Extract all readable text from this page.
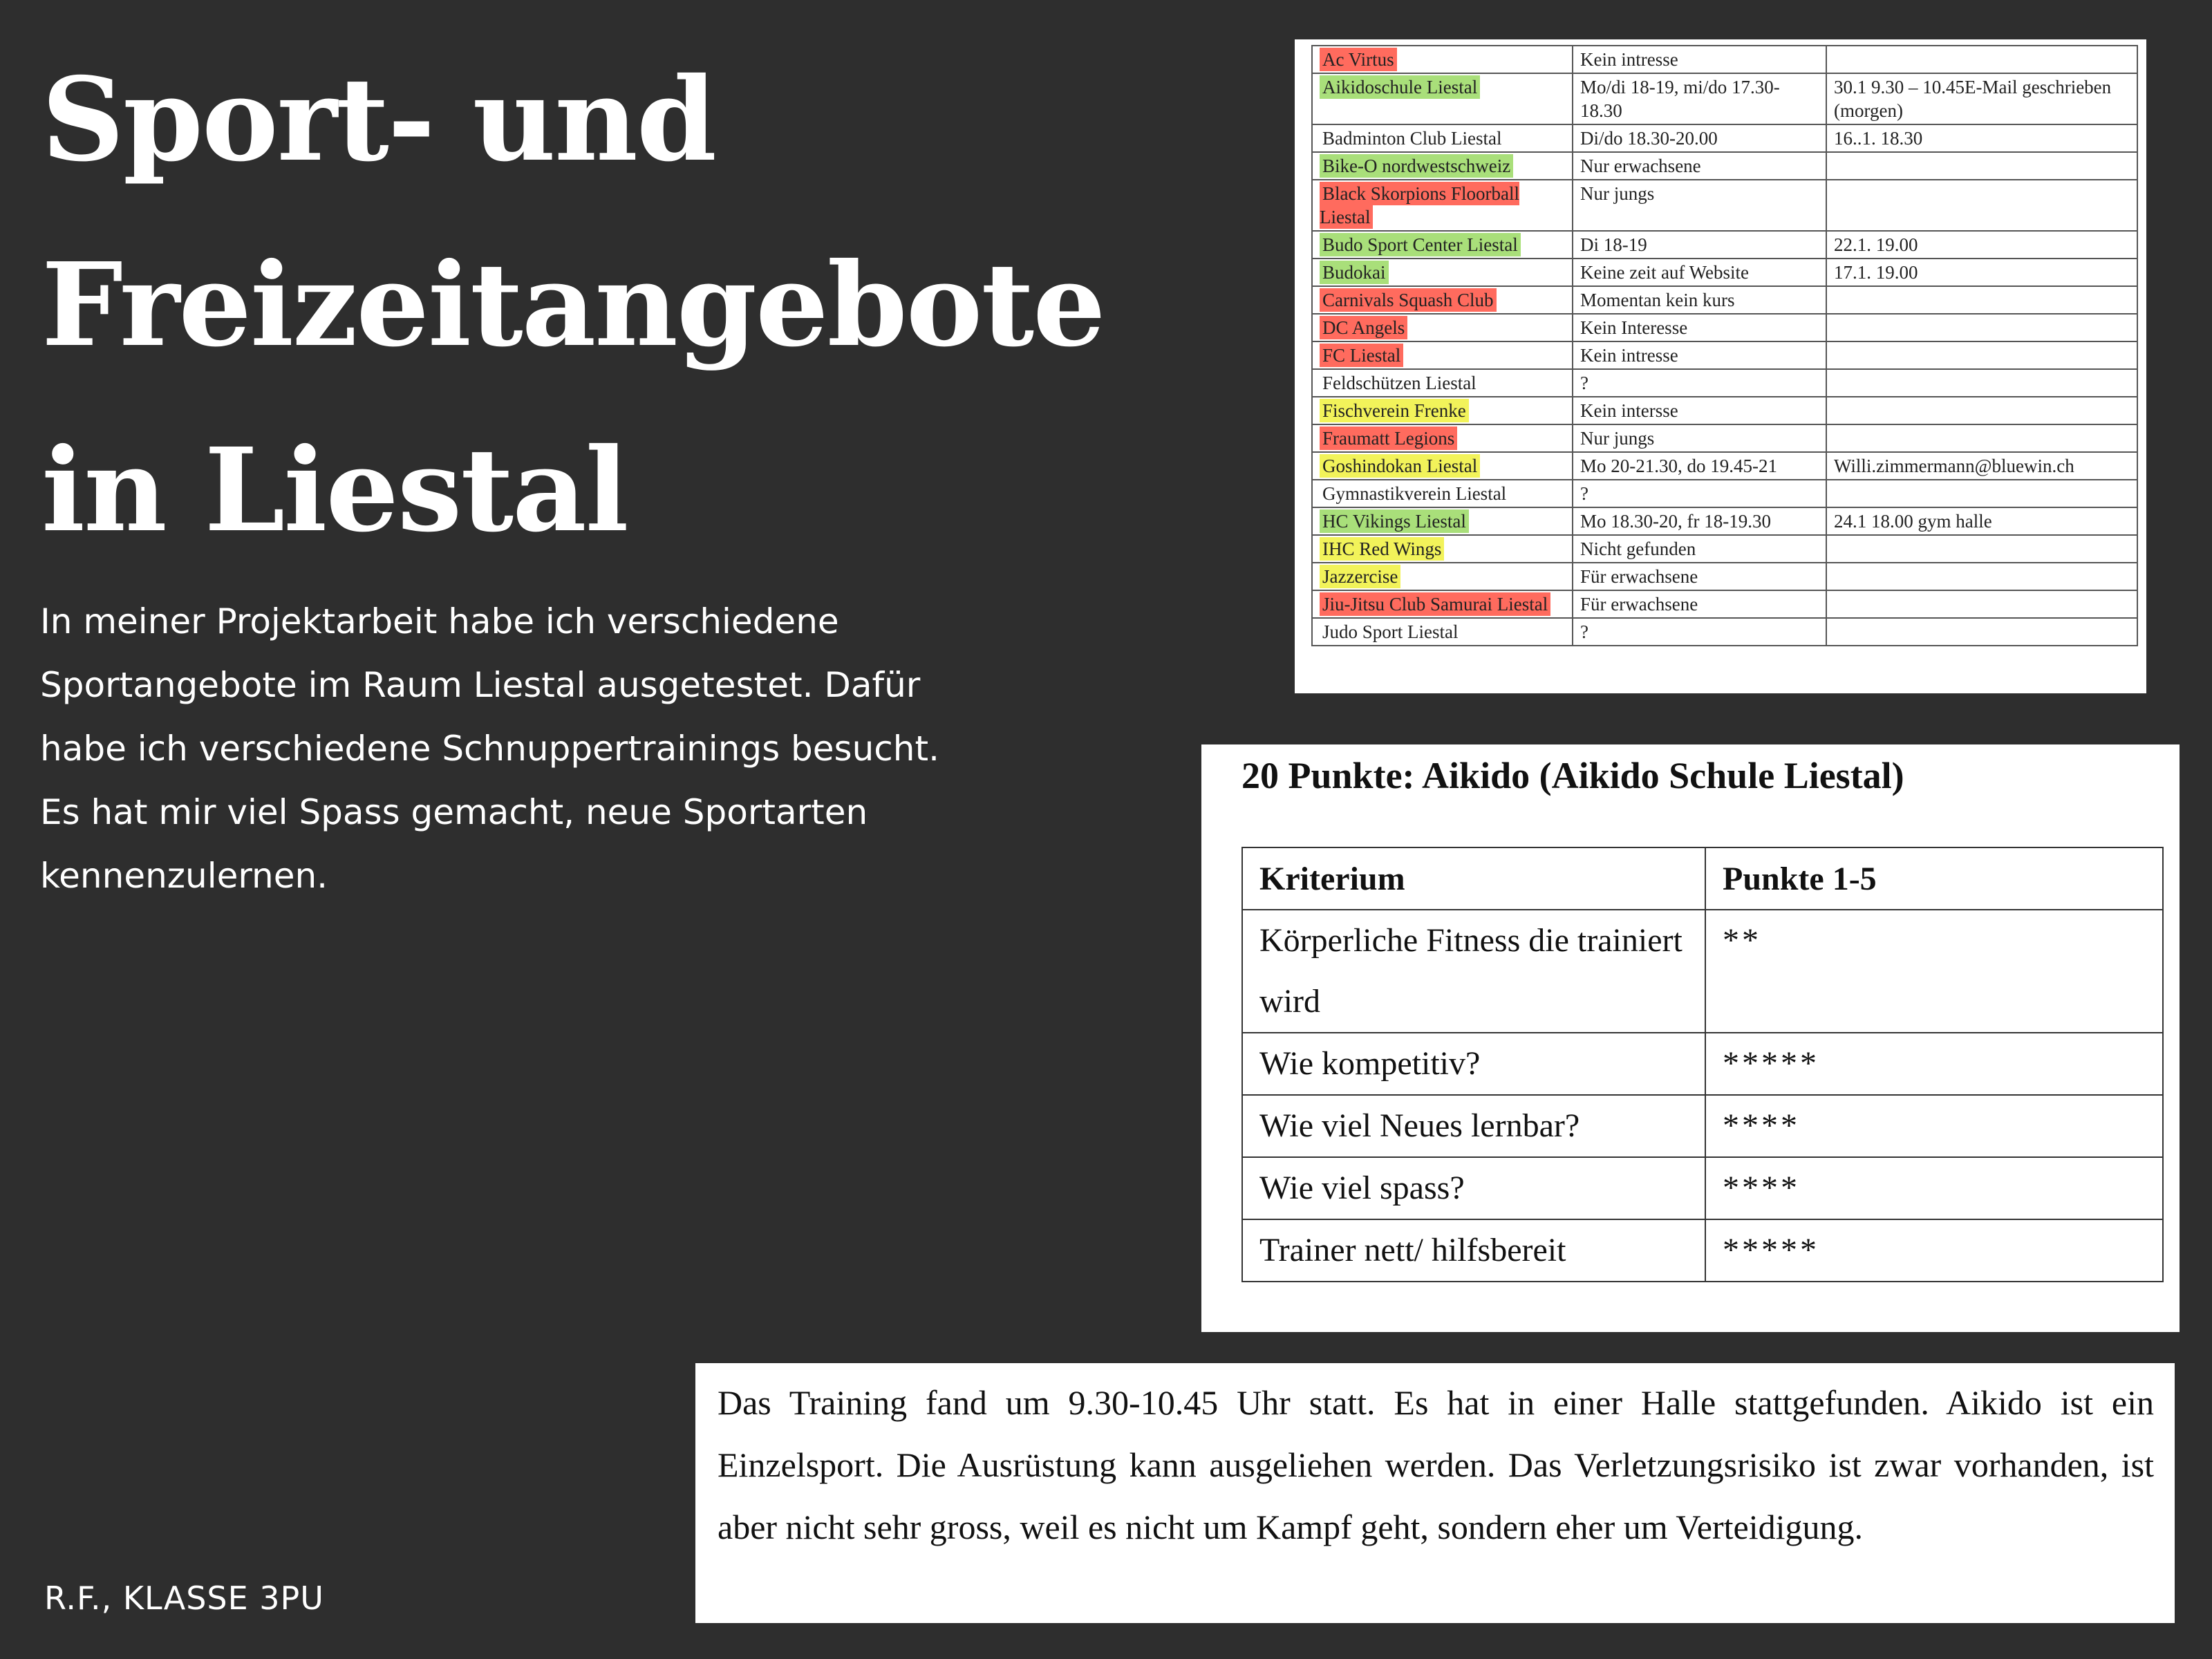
Sport- und
Freizeitangebote
in Liestal
In meiner Projektarbeit habe ich verschiedene
Sportangebote im Raum Liestal ausgetestet. Dafür
habe ich verschiedene Schnuppertrainings besucht.
Es hat mir viel Spass gemacht, neue Sportarten
kennenzulernen.
R.F., KLASSE 3PU
Ac Virtus	Kein intresse	
Aikidoschule Liestal	Mo/di 18-19, mi/do 17.30-18.30	30.1 9.30 – 10.45E-Mail geschrieben (morgen)
Badminton Club Liestal	Di/do 18.30-20.00	16..1. 18.30
Bike-O nordwestschweiz	Nur erwachsene	
Black Skorpions Floorball Liestal	Nur jungs	
Budo Sport Center Liestal	Di 18-19	22.1. 19.00
Budokai	Keine zeit auf Website	17.1. 19.00
Carnivals Squash Club	Momentan kein kurs	
DC Angels	Kein Interesse	
FC Liestal	Kein intresse	
Feldschützen Liestal	?	
Fischverein Frenke	Kein intersse	
Fraumatt Legions	Nur jungs	
Goshindokan Liestal	Mo 20-21.30, do 19.45-21	Willi.zimmermann@bluewin.ch
Gymnastikverein Liestal	?	
HC Vikings Liestal	Mo 18.30-20, fr 18-19.30	24.1 18.00 gym halle
IHC Red Wings	Nicht gefunden	
Jazzercise	Für erwachsene	
Jiu-Jitsu Club Samurai Liestal	Für erwachsene	
Judo Sport Liestal	?	
20 Punkte: Aikido (Aikido Schule Liestal)
Kriterium	Punkte 1-5
Körperliche Fitness die trainiert wird	**
Wie kompetitiv?	*****
Wie viel Neues lernbar?	****
Wie viel spass?	****
Trainer nett/ hilfsbereit	*****
Das Training fand um 9.30-10.45 Uhr statt. Es hat in einer Halle stattgefunden. Aikido ist ein Einzelsport. Die Ausrüstung kann ausgeliehen werden. Das Verletzungsrisiko ist zwar vorhanden, ist aber nicht sehr gross, weil es nicht um Kampf geht, sondern eher um Verteidigung.
